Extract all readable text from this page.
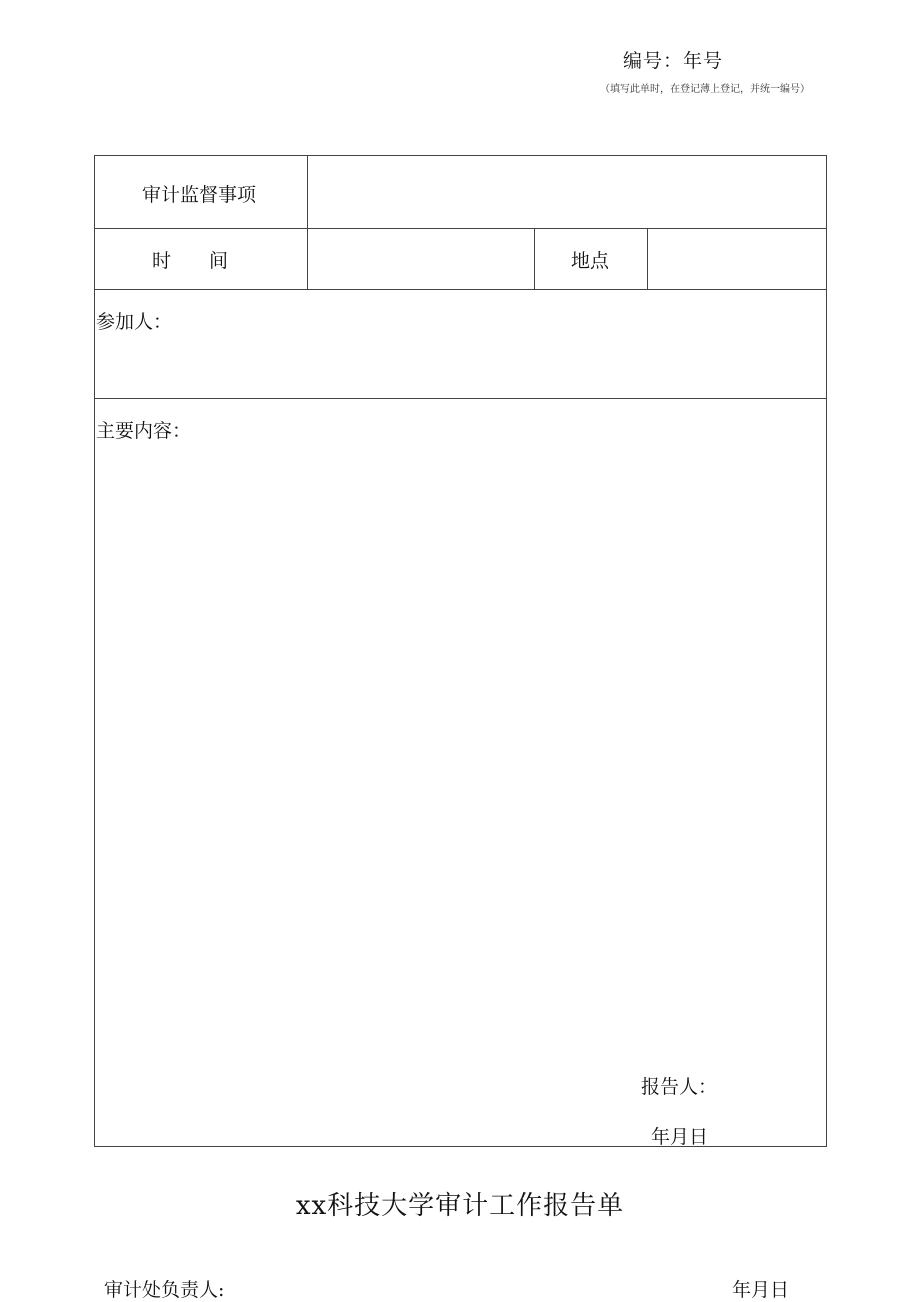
编号：年号
（填写此单时，在登记薄上登记，并统一编号）
审计监督事项
时　　间	地点
参加人：
主要内容：
报告人：
年月日
xx科技大学审计工作报告单
审计处负责人:	年月日
